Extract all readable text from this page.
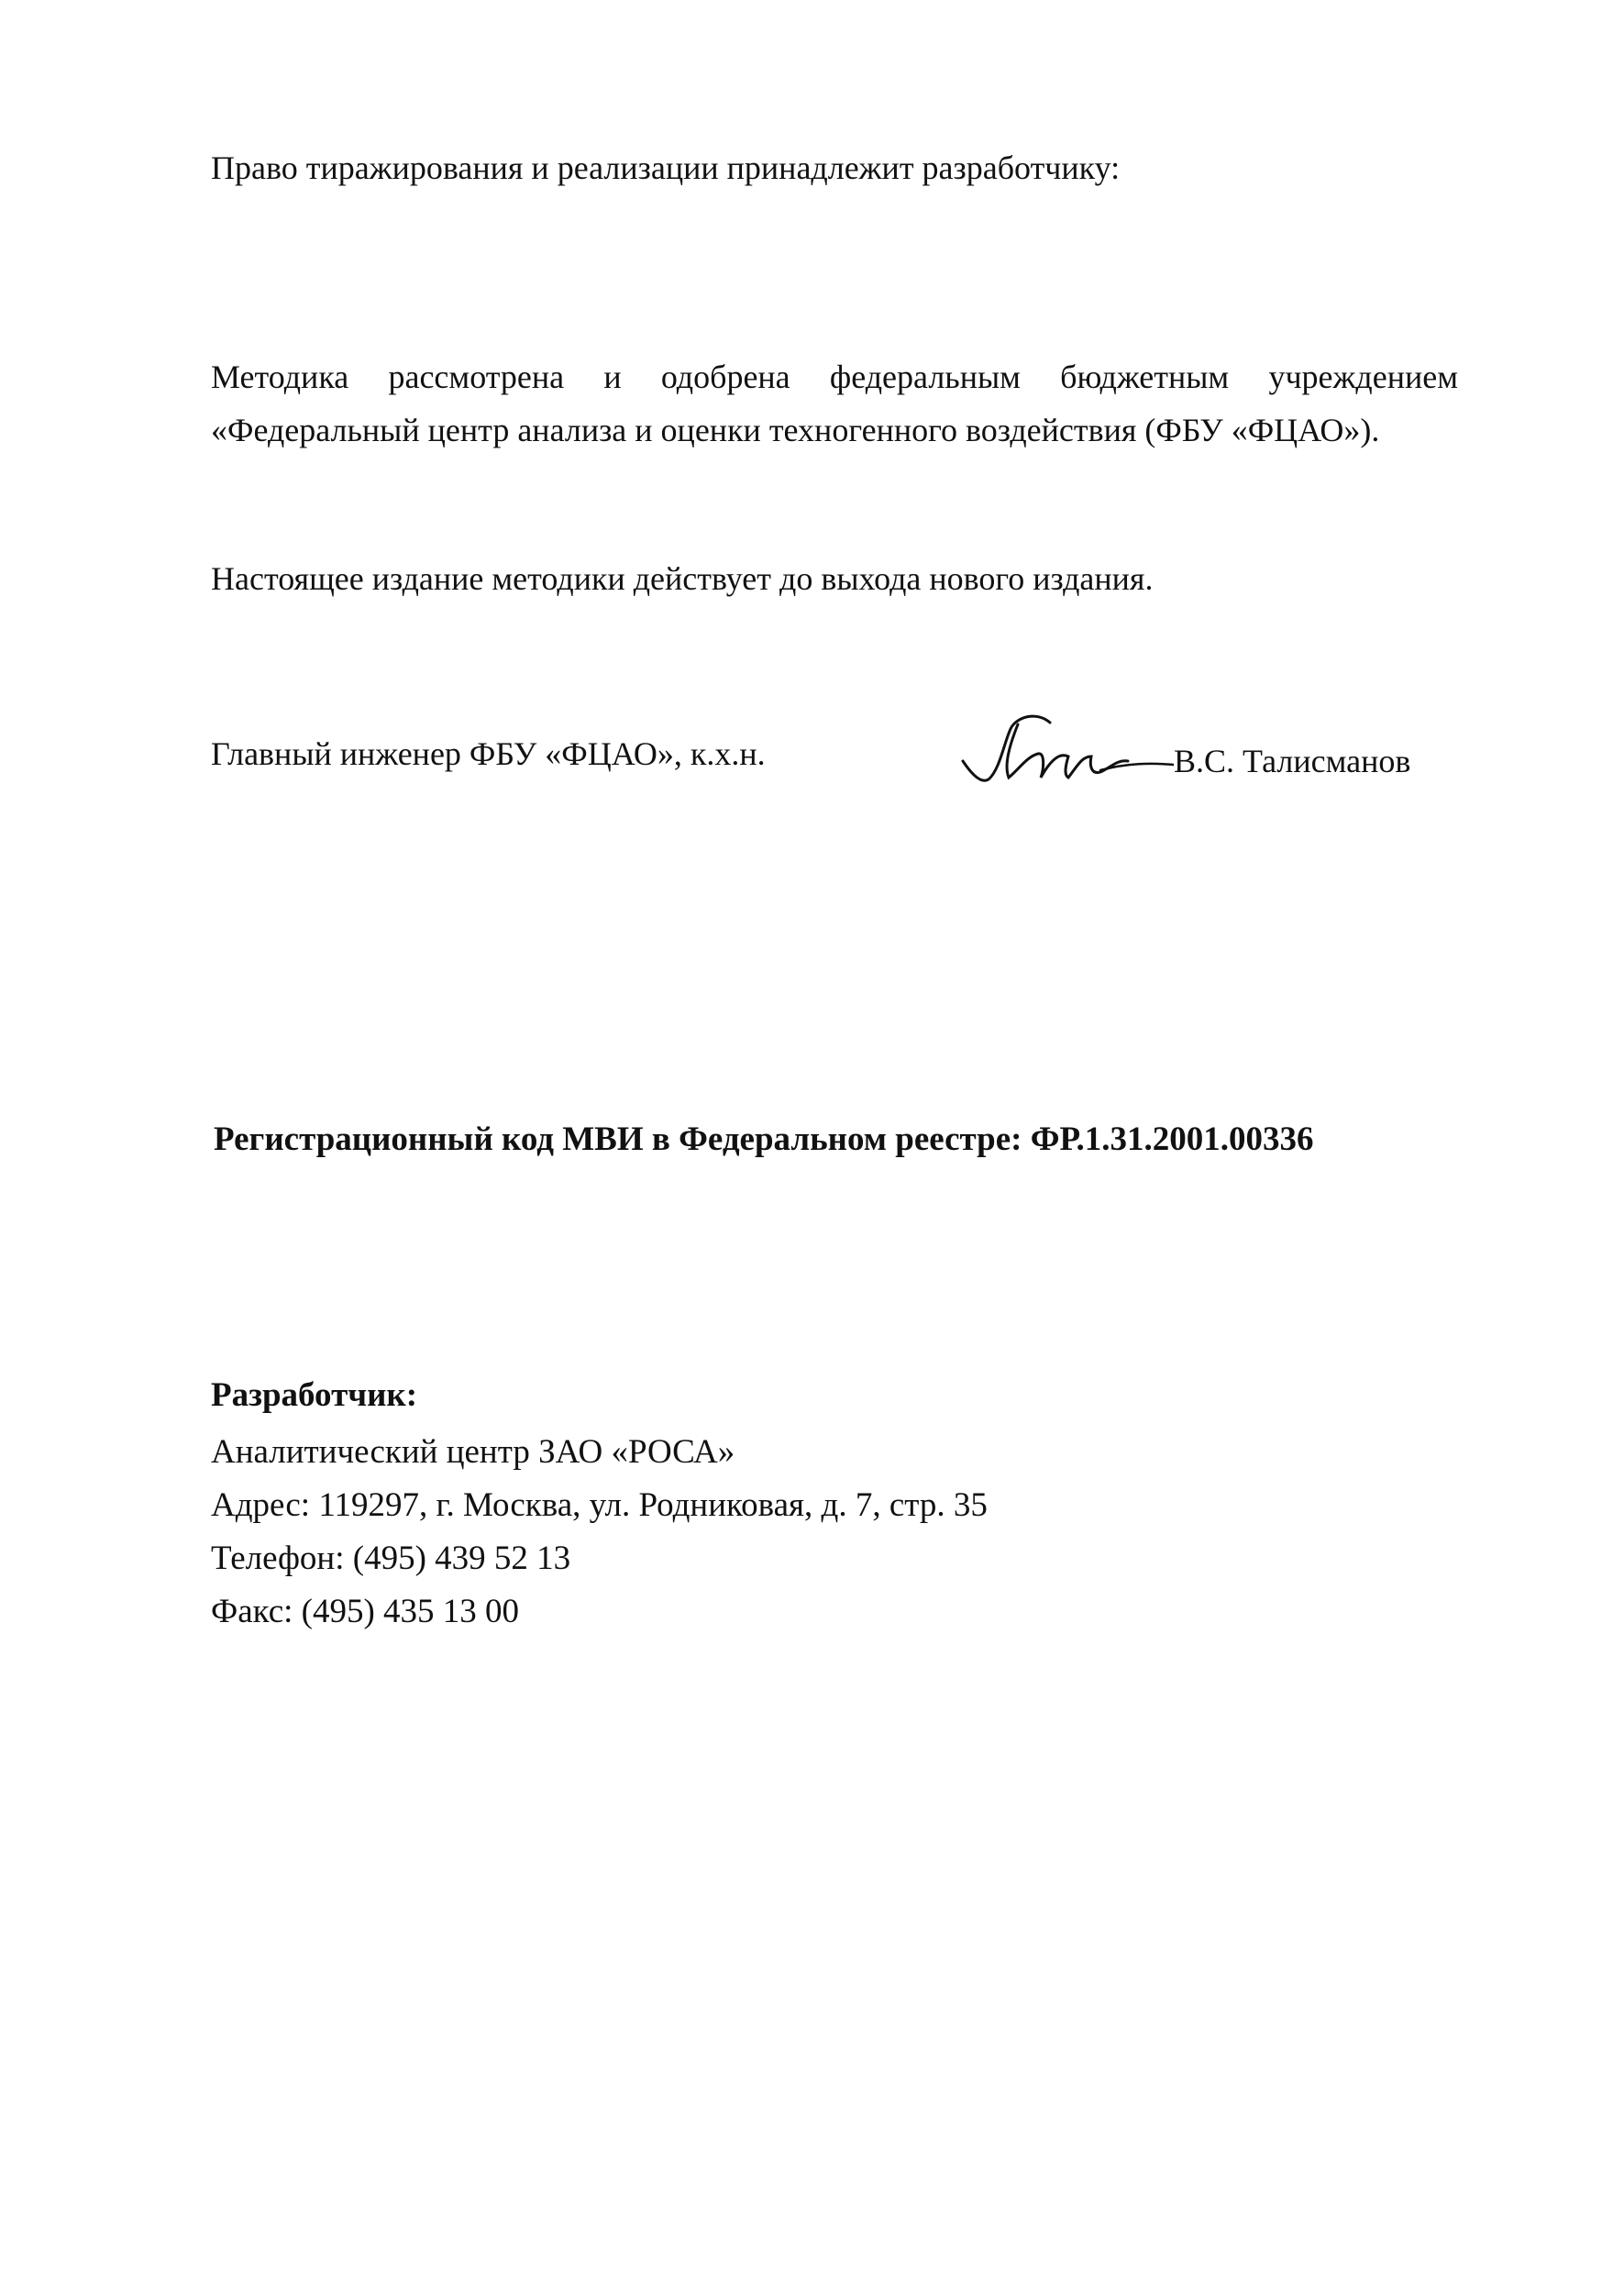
Право тиражирования и реализации принадлежит разработчику:
Методика рассмотрена и одобрена федеральным бюджетным учреждением «Федеральный центр анализа и оценки техногенного воздействия (ФБУ «ФЦАО»).
Настоящее издание методики действует до выхода нового издания.
Главный инженер ФБУ «ФЦАО», к.х.н.	В.С. Талисманов
Регистрационный код МВИ в Федеральном реестре: ФР.1.31.2001.00336
Разработчик:
Аналитический центр ЗАО «РОСА»
Адрес: 119297, г. Москва, ул. Родниковая, д. 7, стр. 35
Телефон: (495) 439 52 13
Факс: (495) 435 13 00
